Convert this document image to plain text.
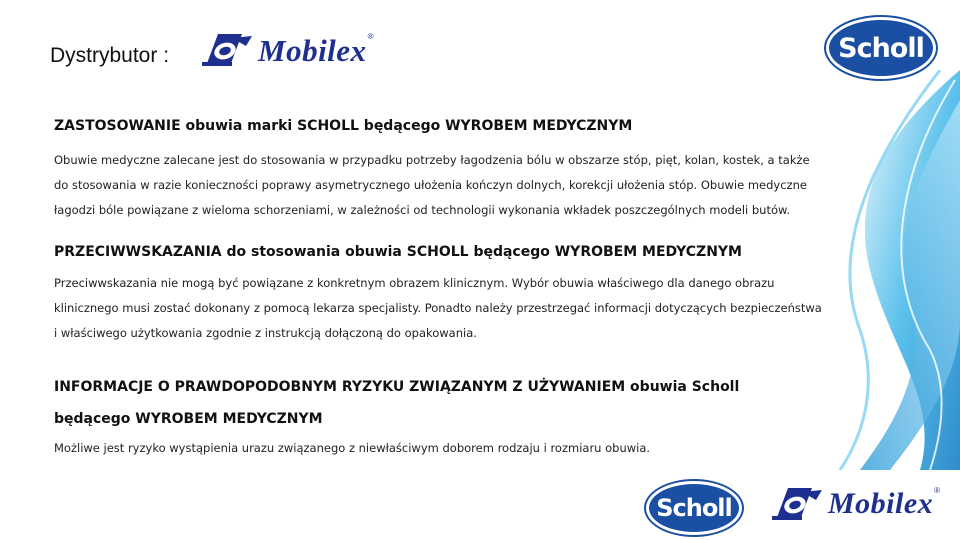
Dystrybutor :	Mobilex ®	Scholl

ZASTOSOWANIE obuwia marki SCHOLL będącego WYROBEM MEDYCZNYM

Obuwie medyczne zalecane jest do stosowania w przypadku potrzeby łagodzenia bólu w obszarze stóp, pięt, kolan, kostek, a także
do stosowania w razie konieczności poprawy asymetrycznego ułożenia kończyn dolnych, korekcji ułożenia stóp. Obuwie medyczne
łagodzi bóle powiązane z wieloma schorzeniami, w zależności od technologii wykonania wkładek poszczególnych modeli butów.

PRZECIWWSKAZANIA do stosowania obuwia SCHOLL będącego WYROBEM MEDYCZNYM

Przeciwwskazania nie mogą być powiązane z konkretnym obrazem klinicznym. Wybór obuwia właściwego dla danego obrazu
klinicznego musi zostać dokonany z pomocą lekarza specjalisty. Ponadto należy przestrzegać informacji dotyczących bezpieczeństwa
i właściwego użytkowania zgodnie z instrukcją dołączoną do opakowania.

INFORMACJE O PRAWDOPODOBNYM RYZYKU ZWIĄZANYM Z UŻYWANIEM obuwia Scholl
będącego WYROBEM MEDYCZNYM

Możliwe jest ryzyko wystąpienia urazu związanego z niewłaściwym doborem rodzaju i rozmiaru obuwia.

Scholl	Mobilex ®
